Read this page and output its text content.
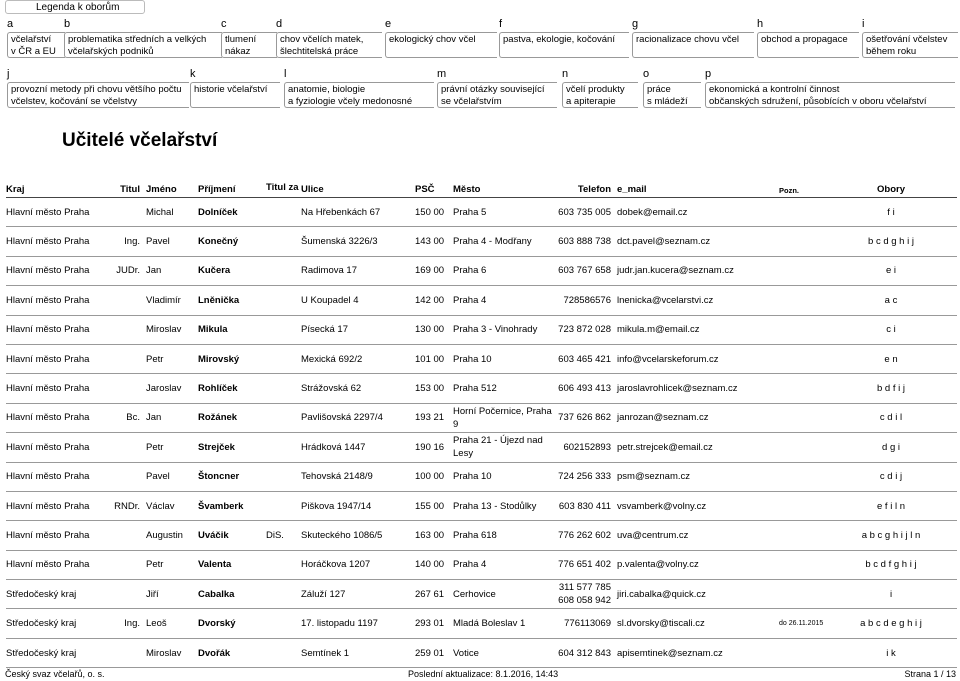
Legenda k oborům
a
včelařství
v ČR a EU
b
problematika středních a velkých
včelařských podniků
c
tlumení
nákaz
d
chov včelích matek,
šlechtitelská práce
e
ekologický chov včel
f
pastva, ekologie, kočování
g
racionalizace chovu včel
h
obchod a propagace
i
ošetřování včelstev
během roku
j
provozní metody při chovu většího počtu
včelstev, kočování se včelstvy
k
historie včelařství
l
anatomie, biologie
a fyziologie včely medonosné
m
právní otázky související
se včelařstvím
n
včelí produkty
a apiterapie
o
práce
s mládeží
p
ekonomická a kontrolní činnost
občanských sdružení, působících v oboru včelařství
Učitelé včelařství
Kraj	Titul	Jméno	Příjmení	Titul za	Ulice	PSČ	Město	Telefon	e_mail	Pozn.	Obory
Hlavní město Praha		Michal	Dolníček		Na Hřebenkách 67	150 00	Praha 5	603 735 005	dobek@email.cz		f i
Hlavní město Praha	Ing.	Pavel	Konečný		Šumenská 3226/3	143 00	Praha 4 - Modřany	603 888 738	dct.pavel@seznam.cz		b c d g h i j
Hlavní město Praha	JUDr.	Jan	Kučera		Radimova 17	169 00	Praha 6	603 767 658	judr.jan.kucera@seznam.cz		e i
Hlavní město Praha		Vladimír	Lněnička		U Koupadel 4	142 00	Praha 4	728586576	lnenicka@vcelarstvi.cz		a c
Hlavní město Praha		Miroslav	Mikula		Písecká 17	130 00	Praha 3 - Vinohrady	723 872 028	mikula.m@email.cz		c i
Hlavní město Praha		Petr	Mirovský		Mexická 692/2	101 00	Praha 10	603 465 421	info@vcelarskeforum.cz		e n
Hlavní město Praha		Jaroslav	Rohlíček		Strážovská 62	153 00	Praha 512	606 493 413	jaroslavrohlicek@seznam.cz		b d f i j
Hlavní město Praha	Bc.	Jan	Rožánek		Pavlišovská 2297/4	193 21	Horní Počernice, Praha 9	737 626 862	janrozan@seznam.cz		c d i l
Hlavní město Praha		Petr	Strejček		Hrádková 1447	190 16	Praha 21 - Újezd nad Lesy	602152893	petr.strejcek@email.cz		d g i
Hlavní město Praha		Pavel	Štoncner		Tehovská 2148/9	100 00	Praha 10	724 256 333	psm@seznam.cz		c d i j
Hlavní město Praha	RNDr.	Václav	Švamberk		Piškova 1947/14	155 00	Praha 13 - Stodůlky	603 830 411	vsvamberk@volny.cz		e f i l n
Hlavní město Praha		Augustin	Uváčik	DiS.	Skuteckého 1086/5	163 00	Praha 618	776 262 602	uva@centrum.cz		a b c g h i j l n
Hlavní město Praha		Petr	Valenta		Horáčkova 1207	140 00	Praha 4	776 651 402	p.valenta@volny.cz		b c d f g h i j
Středočeský kraj		Jiří	Cabalka		Záluží 127	267 61	Cerhovice	311 577 785 608 058 942	jiri.cabalka@quick.cz		i
Středočeský kraj	Ing.	Leoš	Dvorský		17. listopadu 1197	293 01	Mladá Boleslav 1	776113069	sl.dvorsky@tiscali.cz	do 26.11.2015	a b c d e g h i j
Středočeský kraj		Miroslav	Dvořák		Semtínek 1	259 01	Votice	604 312 843	apisemtinek@seznam.cz		i k
Český svaz včelařů, o. s.	Poslední aktualizace: 8.1.2016, 14:43	Strana 1 / 13
